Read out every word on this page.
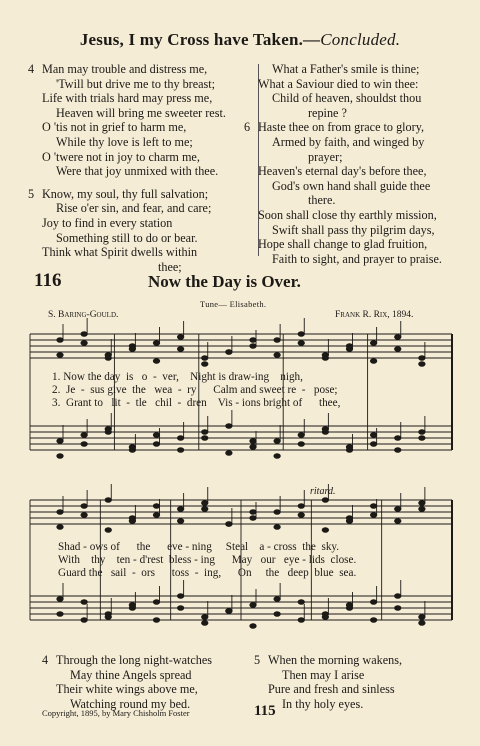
Jesus, I my Cross have Taken.—Concluded.
4 Man may trouble and distress me,
'Twill but drive me to thy breast;
Life with trials hard may press me,
Heaven will bring me sweeter rest.
O 'tis not in grief to harm me,
While thy love is left to me;
O 'twere not in joy to charm me,
Were that joy unmixed with thee.
5 Know, my soul, thy full salvation;
Rise o'er sin, and fear, and care;
Joy to find in every station
Something still to do or bear.
Think what Spirit dwells within
thee;
What a Father's smile is thine;
What a Saviour died to win thee:
Child of heaven, shouldst thou
repine ?
6 Haste thee on from grace to glory,
Armed by faith, and winged by
prayer;
Heaven's eternal day's before thee,
God's own hand shall guide thee
there.
Soon shall close thy earthly mission,
Swift shall pass thy pilgrim days,
Hope shall change to glad fruition,
Faith to sight, and prayer to praise.
116	Now the Day is Over.
Tune— Elisabeth.
S. Baring-Gould.	Frank R. Rix, 1894.
ritard.
1. Now the day  is   o  -  ver,    Night is draw-ing    nigh,
2.  Je  -  sus give  the   wea  -  ry      Calm and sweet re  -   pose;
3.  Grant to   lit  -  tle   chil  -  dren    Vis - ions bright of      thee,
Shad - ows of      the      eve - ning     Steal    a - cross  the  sky.
With    thy    ten - d'rest  bless - ing      May   our   eye - lids  close.
Guard the   sail  -  ors      toss  -  ing,      On     the   deep  blue  sea.
4 Through the long night-watches
May thine Angels spread
Their white wings above me,
Watching round my bed.
5 When the morning wakens,
Then may I arise
Pure and fresh and sinless
In thy holy eyes.
Copyright, 1895, by Mary Chisholm Foster	115
